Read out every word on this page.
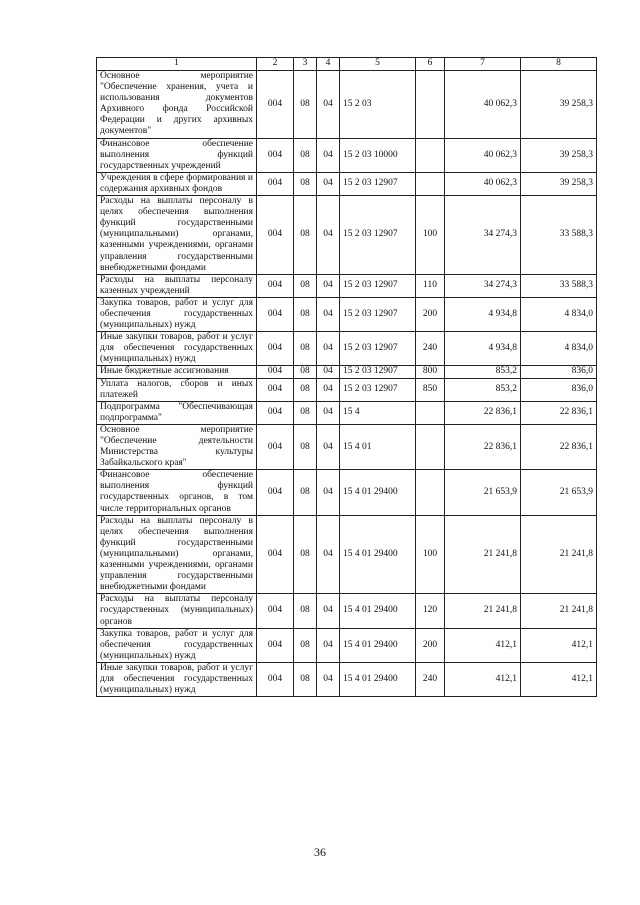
1	2	3	4	5	6	7	8
Основное мероприятие "Обеспечение хранения, учета и использования документов Архивного фонда Российской Федерации и других архивных документов"	004	08	04	15 2 03		40 062,3	39 258,3
Финансовое обеспечение выполнения функций государственных учреждений	004	08	04	15 2 03 10000		40 062,3	39 258,3
Учреждения в сфере формирования и содержания архивных фондов	004	08	04	15 2 03 12907		40 062,3	39 258,3
Расходы на выплаты персоналу в целях обеспечения выполнения функций государственными (муниципальными) органами, казенными учреждениями, органами управления государственными внебюджетными фондами	004	08	04	15 2 03 12907	100	34 274,3	33 588,3
Расходы на выплаты персоналу казенных учреждений	004	08	04	15 2 03 12907	110	34 274,3	33 588,3
Закупка товаров, работ и услуг для обеспечения государственных (муниципальных) нужд	004	08	04	15 2 03 12907	200	4 934,8	4 834,0
Иные закупки товаров, работ и услуг для обеспечения государственных (муниципальных) нужд	004	08	04	15 2 03 12907	240	4 934,8	4 834,0
Иные бюджетные ассигнования	004	08	04	15 2 03 12907	800	853,2	836,0
Уплата налогов, сборов и иных платежей	004	08	04	15 2 03 12907	850	853,2	836,0
Подпрограмма "Обеспечивающая подпрограмма"	004	08	04	15 4		22 836,1	22 836,1
Основное мероприятие "Обеспечение деятельности Министерства культуры Забайкальского края"	004	08	04	15 4 01		22 836,1	22 836,1
Финансовое обеспечение выполнения функций государственных органов, в том числе территориальных органов	004	08	04	15 4 01 29400		21 653,9	21 653,9
Расходы на выплаты персоналу в целях обеспечения выполнения функций государственными (муниципальными) органами, казенными учреждениями, органами управления государственными внебюджетными фондами	004	08	04	15 4 01 29400	100	21 241,8	21 241,8
Расходы на выплаты персоналу государственных (муниципальных) органов	004	08	04	15 4 01 29400	120	21 241,8	21 241,8
Закупка товаров, работ и услуг для обеспечения государственных (муниципальных) нужд	004	08	04	15 4 01 29400	200	412,1	412,1
Иные закупки товаров, работ и услуг для обеспечения государственных (муниципальных) нужд	004	08	04	15 4 01 29400	240	412,1	412,1
36
